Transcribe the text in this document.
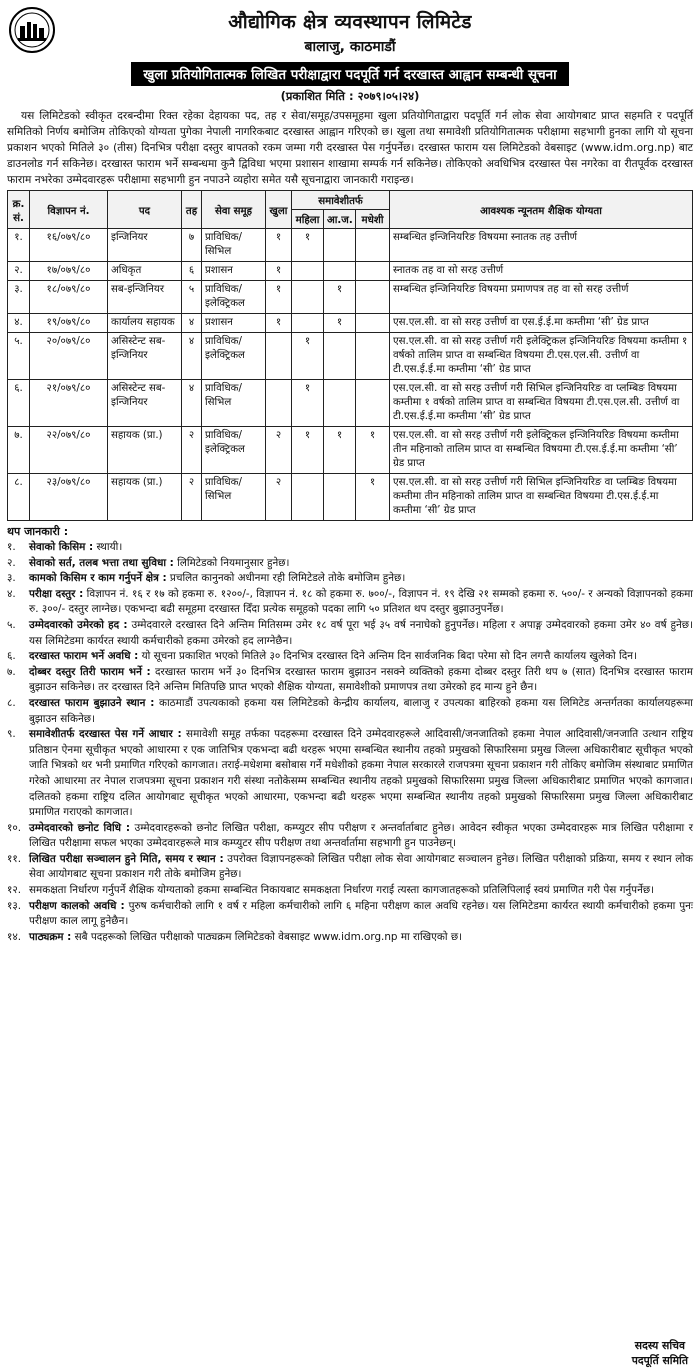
औद्योगिक क्षेत्र व्यवस्थापन लिमिटेड
बालाजु, काठमाडौं
खुला प्रतियोगितात्मक लिखित परीक्षाद्वारा पदपूर्ति गर्न दरखास्त आह्वान सम्बन्धी सूचना
(प्रकाशित मिति : २०७९।०५।२४)
यस लिमिटेडको स्वीकृत दरबन्दीमा रिक्त रहेका देहायका पद, तह र सेवा/समूह/उपसमूहमा खुला प्रतियोगिताद्वारा पदपूर्ति गर्न लोक सेवा आयोगबाट प्राप्त सहमति र पदपूर्ति समितिको निर्णय बमोजिम तोकिएको योग्यता पुगेका नेपाली नागरिकबाट दरखास्त आह्वान गरिएको छ। खुला तथा समावेशी प्रतियोगितात्मक परीक्षामा सहभागी हुनका लागि यो सूचना प्रकाशन भएको मितिले ३० (तीस) दिनभित्र परीक्षा दस्तुर बापतको रकम जम्मा गरी दरखास्त पेस गर्नुपर्नेछ। दरखास्त फाराम यस लिमिटेडको वेबसाइट (www.idm.org.np) बाट डाउनलोड गर्न सकिनेछ। दरखास्त फाराम भर्ने सम्बन्धमा कुनै द्विविधा भएमा प्रशासन शाखामा सम्पर्क गर्न सकिनेछ। तोकिएको अवधिभित्र दरखास्त पेस नगरेका वा रीतपूर्वक दरखास्त फाराम नभरेका उम्मेदवारहरू परीक्षामा सहभागी हुन नपाउने व्यहोरा समेत यसै सूचनाद्वारा जानकारी गराइन्छ।
क्र. सं.	विज्ञापन नं.	पद	तह	सेवा समूह	खुला	समावेशीतर्फ			आवश्यक न्यूनतम शैक्षिक योग्यता
						महिला	आ.ज.	मधेशी	
१.	१६/०७९/८०	इन्जिनियर	७	प्राविधिक/ सिभिल	१	१			सम्बन्धित इन्जिनियरिङ विषयमा स्नातक तह उत्तीर्ण
२.	१७/०७९/८०	अधिकृत	६	प्रशासन	१				स्नातक तह वा सो सरह उत्तीर्ण
३.	१८/०७९/८०	सब-इन्जिनियर	५	प्राविधिक/ इलेक्ट्रिकल	१		१		सम्बन्धित इन्जिनियरिङ विषयमा प्रमाणपत्र तह वा सो सरह उत्तीर्ण
४.	१९/०७९/८०	कार्यालय सहायक	४	प्रशासन	१		१		एस.एल.सी. वा सो सरह उत्तीर्ण वा एस.ई.ई.मा कम्तीमा ‘सी’ ग्रेड प्राप्त
५.	२०/०७९/८०	असिस्टेन्ट सब-इन्जिनियर	४	प्राविधिक/ इलेक्ट्रिकल		१			एस.एल.सी. वा सो सरह उत्तीर्ण गरी इलेक्ट्रिकल इन्जिनियरिङ विषयमा कम्तीमा १ वर्षको तालिम प्राप्त वा सम्बन्धित विषयमा टी.एस.एल.सी. उत्तीर्ण वा टी.एस.ई.ई.मा कम्तीमा ‘सी’ ग्रेड प्राप्त
६.	२१/०७९/८०	असिस्टेन्ट सब-इन्जिनियर	४	प्राविधिक/ सिभिल		१			एस.एल.सी. वा सो सरह उत्तीर्ण गरी सिभिल इन्जिनियरिङ वा प्लम्बिङ विषयमा कम्तीमा १ वर्षको तालिम प्राप्त वा सम्बन्धित विषयमा टी.एस.एल.सी. उत्तीर्ण वा टी.एस.ई.ई.मा कम्तीमा ‘सी’ ग्रेड प्राप्त
७.	२२/०७९/८०	सहायक (प्रा.)	२	प्राविधिक/ इलेक्ट्रिकल	२	१	१	१	एस.एल.सी. वा सो सरह उत्तीर्ण गरी इलेक्ट्रिकल इन्जिनियरिङ विषयमा कम्तीमा तीन महिनाको तालिम प्राप्त वा सम्बन्धित विषयमा टी.एस.ई.ई.मा कम्तीमा ‘सी’ ग्रेड प्राप्त
८.	२३/०७९/८०	सहायक (प्रा.)	२	प्राविधिक/ सिभिल	२			१	एस.एल.सी. वा सो सरह उत्तीर्ण गरी सिभिल इन्जिनियरिङ वा प्लम्बिङ विषयमा कम्तीमा तीन महिनाको तालिम प्राप्त वा सम्बन्धित विषयमा टी.एस.ई.ई.मा कम्तीमा ‘सी’ ग्रेड प्राप्त
थप जानकारी :
१.	सेवाको किसिम : स्थायी।
२.	सेवाको सर्त, तलब भत्ता तथा सुविधा : लिमिटेडको नियमानुसार हुनेछ।
३.	कामको किसिम र काम गर्नुपर्ने क्षेत्र : प्रचलित कानुनको अधीनमा रही लिमिटेडले तोके बमोजिम हुनेछ।
४.	परीक्षा दस्तुर : विज्ञापन नं. १६ र १७ को हकमा रु. १२००/-, विज्ञापन नं. १८ को हकमा रु. ७००/-, विज्ञापन नं. १९ देखि २१ सम्मको हकमा रु. ५००/- र अन्यको विज्ञापनको हकमा रु. ३००/- दस्तुर लाग्नेछ। एकभन्दा बढी समूहमा दरखास्त दिँदा प्रत्येक समूहको पदका लागि ५० प्रतिशत थप दस्तुर बुझाउनुपर्नेछ।
५.	उम्मेदवारको उमेरको हद : उम्मेदवारले दरखास्त दिने अन्तिम मितिसम्म उमेर १८ वर्ष पूरा भई ३५ वर्ष ननाघेको हुनुपर्नेछ। महिला र अपाङ्ग उम्मेदवारको हकमा उमेर ४० वर्ष हुनेछ। यस लिमिटेडमा कार्यरत स्थायी कर्मचारीको हकमा उमेरको हद लाग्नेछैन।
६.	दरखास्त फाराम भर्ने अवधि : यो सूचना प्रकाशित भएको मितिले ३० दिनभित्र दरखास्त दिने अन्तिम दिन सार्वजनिक बिदा परेमा सो दिन लगत्तै कार्यालय खुलेको दिन।
७.	दोब्बर दस्तुर तिरी फाराम भर्ने : दरखास्त फाराम भर्ने ३० दिनभित्र दरखास्त फाराम बुझाउन नसक्ने व्यक्तिको हकमा दोब्बर दस्तुर तिरी थप ७ (सात) दिनभित्र दरखास्त फाराम बुझाउन सकिनेछ। तर दरखास्त दिने अन्तिम मितिपछि प्राप्त भएको शैक्षिक योग्यता, समावेशीको प्रमाणपत्र तथा उमेरको हद मान्य हुने छैन।
८.	दरखास्त फाराम बुझाउने स्थान : काठमाडौं उपत्यकाको हकमा यस लिमिटेडको केन्द्रीय कार्यालय, बालाजु र उपत्यका बाहिरको हकमा यस लिमिटेड अन्तर्गतका कार्यालयहरूमा बुझाउन सकिनेछ।
९.	समावेशीतर्फ दरखास्त पेस गर्ने आधार : समावेशी समूह तर्फका पदहरूमा दरखास्त दिने उम्मेदवारहरूले आदिवासी/जनजातिको हकमा नेपाल आदिवासी/जनजाति उत्थान राष्ट्रिय प्रतिष्ठान ऐनमा सूचीकृत भएको आधारमा र एक जातिभित्र एकभन्दा बढी थरहरू भएमा सम्बन्धित स्थानीय तहको प्रमुखको सिफारिसमा प्रमुख जिल्ला अधिकारीबाट सूचीकृत भएको जाति भित्रको थर भनी प्रमाणित गरिएको कागजात। तराई-मधेशमा बसोबास गर्ने मधेशीको हकमा नेपाल सरकारले राजपत्रमा सूचना प्रकाशन गरी तोकिए बमोजिम संस्थाबाट प्रमाणित गरेको आधारमा तर नेपाल राजपत्रमा सूचना प्रकाशन गरी संस्था नतोकेसम्म सम्बन्धित स्थानीय तहको प्रमुखको सिफारिसमा प्रमुख जिल्ला अधिकारीबाट प्रमाणित भएको कागजात। दलितको हकमा राष्ट्रिय दलित आयोगबाट सूचीकृत भएको आधारमा, एकभन्दा बढी थरहरू भएमा सम्बन्धित स्थानीय तहको प्रमुखको सिफारिसमा प्रमुख जिल्ला अधिकारीबाट प्रमाणित गराएको कागजात।
१०. उम्मेदवारको छनोट विधि : उम्मेदवारहरूको छनोट लिखित परीक्षा, कम्प्युटर सीप परीक्षण र अन्तर्वार्ताबाट हुनेछ। आवेदन स्वीकृत भएका उम्मेदवारहरू मात्र लिखित परीक्षामा र लिखित परीक्षामा सफल भएका उम्मेदवारहरूले मात्र कम्प्युटर सीप परीक्षण तथा अन्तर्वार्तामा सहभागी हुन पाउनेछन्।
११. लिखित परीक्षा सञ्चालन हुने मिति, समय र स्थान : उपरोक्त विज्ञापनहरूको लिखित परीक्षा लोक सेवा आयोगबाट सञ्चालन हुनेछ। लिखित परीक्षाको प्रक्रिया, समय र स्थान लोक सेवा आयोगबाट सूचना प्रकाशन गरी तोके बमोजिम हुनेछ।
१२. समकक्षता निर्धारण गर्नुपर्ने शैक्षिक योग्यताको हकमा सम्बन्धित निकायबाट समकक्षता निर्धारण गराई त्यस्ता कागजातहरूको प्रतिलिपिलाई स्वयं प्रमाणित गरी पेस गर्नुपर्नेछ।
१३. परीक्षण कालको अवधि : पुरुष कर्मचारीको लागि १ वर्ष र महिला कर्मचारीको लागि ६ महिना परीक्षण काल अवधि रहनेछ। यस लिमिटेडमा कार्यरत स्थायी कर्मचारीको हकमा पुनः परीक्षण काल लागू हुनेछैन।
१४. पाठ्यक्रम : सबै पदहरूको लिखित परीक्षाको पाठ्यक्रम लिमिटेडको वेबसाइट www.idm.org.np मा राखिएको छ।
सदस्य सचिव
पदपूर्ति समिति
